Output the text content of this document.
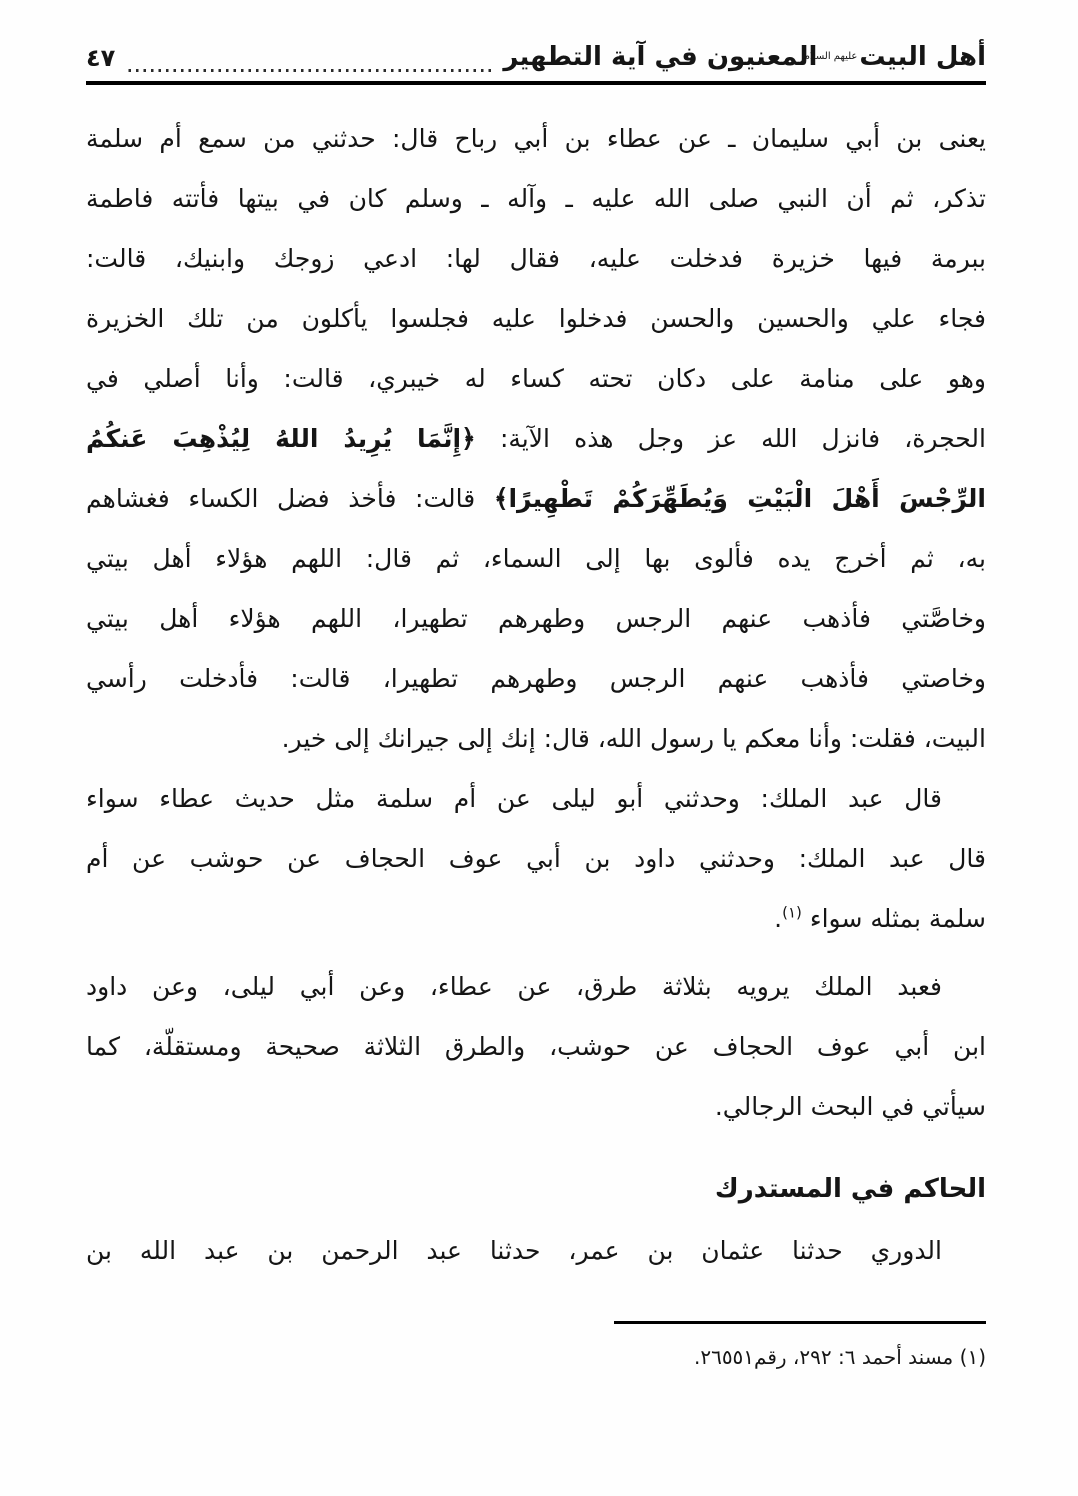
أهل البيتعليهم السلامالمعنيون في آية التطهير
٤٧
يعنى بن أبي سليمان ـ عن عطاء بن أبي رباح قال: حدثني من سمع أم سلمة
تذكر، ثم أن النبي صلى الله عليه ـ وآله ـ وسلم كان في بيتها فأتته فاطمة
ببرمة فيها خزيرة فدخلت عليه، فقال لها: ادعي زوجك وابنيك، قالت:
فجاء علي والحسين والحسن فدخلوا عليه فجلسوا يأكلون من تلك الخزيرة
وهو على منامة على دكان تحته كساء له خيبري، قالت: وأنا أصلي في
الحجرة، فانزل الله عز وجل هذه الآية: ﴿إِنَّمَا يُرِيدُ اللهُ لِيُذْهِبَ عَنكُمُ
الرِّجْسَ أَهْلَ الْبَيْتِ وَيُطَهِّرَكُمْ تَطْهِيرًا﴾ قالت: فأخذ فضل الكساء فغشاهم
به، ثم أخرج يده فألوى بها إلى السماء، ثم قال: اللهم هؤلاء أهل بيتي
وخاصَّتي فأذهب عنهم الرجس وطهرهم تطهيرا، اللهم هؤلاء أهل بيتي
وخاصتي فأذهب عنهم الرجس وطهرهم تطهيرا، قالت: فأدخلت رأسي
البيت، فقلت: وأنا معكم يا رسول الله، قال: إنك إلى جيرانك إلى خير.
قال عبد الملك: وحدثني أبو ليلى عن أم سلمة مثل حديث عطاء سواء
قال عبد الملك: وحدثني داود بن أبي عوف الحجاف عن حوشب عن أم
سلمة بمثله سواء $^{(١)}$.
فعبد الملك يرويه بثلاثة طرق، عن عطاء، وعن أبي ليلى، وعن داود
ابن أبي عوف الحجاف عن حوشب، والطرق الثلاثة صحيحة ومستقلّة، كما
سيأتي في البحث الرجالي.
الحاكم في المستدرك
الدوري حدثنا عثمان بن عمر، حدثنا عبد الرحمن بن عبد الله بن
(١) مسند أحمد ٦: ٢٩٢، رقم٢٦٥٥١.
